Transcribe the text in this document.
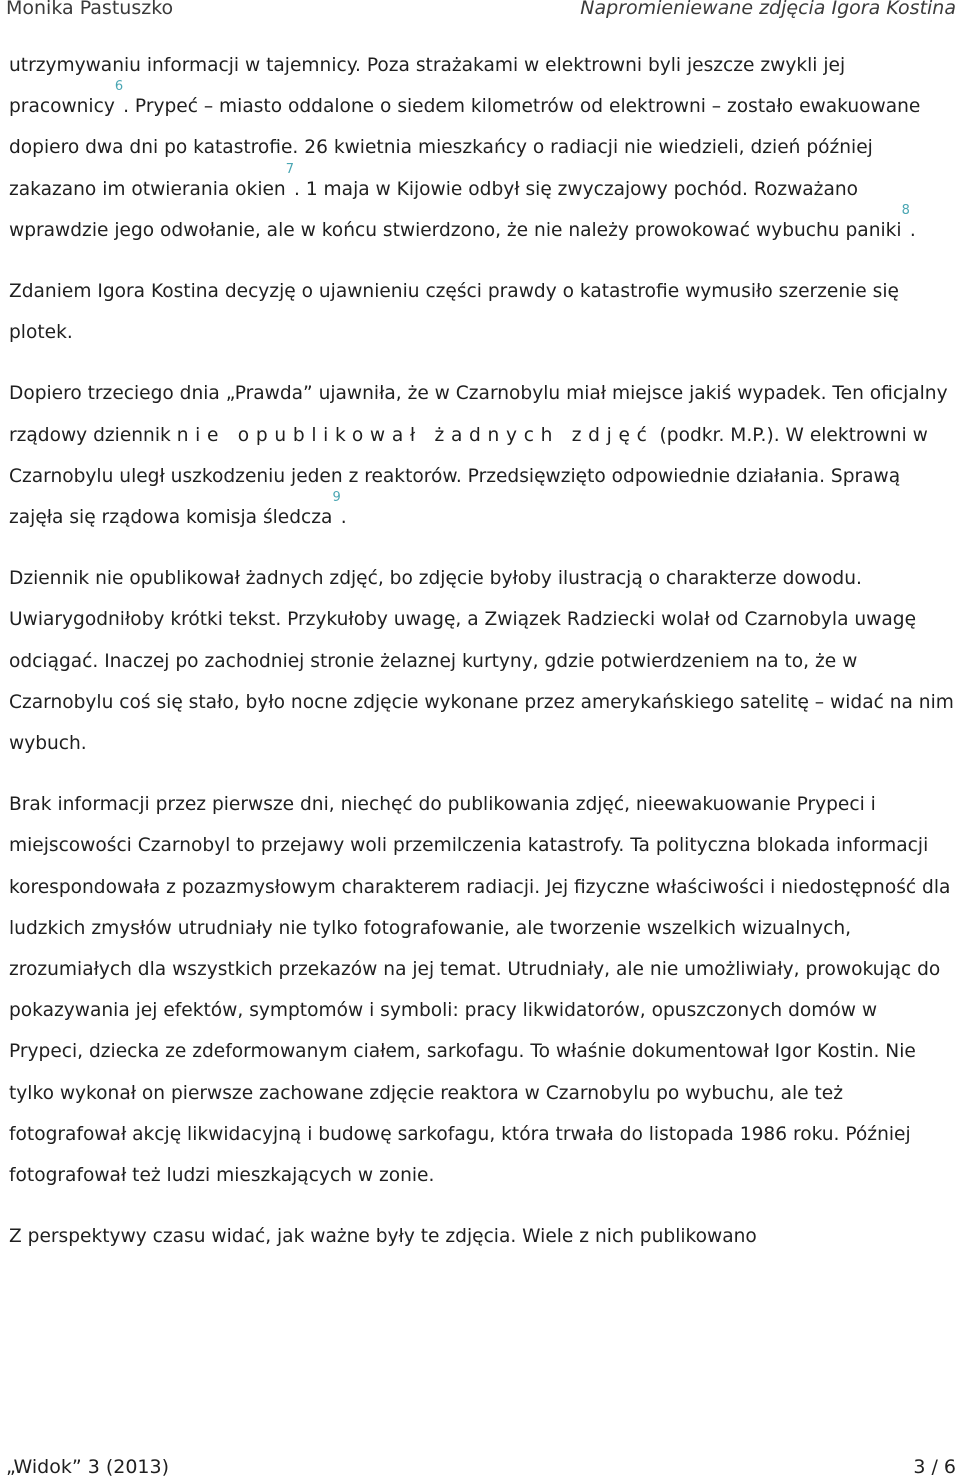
Monika Pastuszko	Napromieniewane zdjęcia Igora Kostina

utrzymywaniu informacji w tajemnicy. Poza strażakami w elektrowni byli jeszcze zwykli jej pracownicy$^6$. Prypeć – miasto oddalone o siedem kilometrów od elektrowni – zostało ewakuowane dopiero dwa dni po katastrofie. 26 kwietnia mieszkańcy o radiacji nie wiedzieli, dzień później zakazano im otwierania okien$^7$. 1 maja w Kijowie odbył się zwyczajowy pochód. Rozważano wprawdzie jego odwołanie, ale w końcu stwierdzono, że nie należy prowokować wybuchu paniki$^8$.

Zdaniem Igora Kostina decyzję o ujawnieniu części prawdy o katastrofie wymusiło szerzenie się plotek.

Dopiero trzeciego dnia „Prawda” ujawniła, że w Czarnobylu miał miejsce jakiś wypadek. Ten oficjalny rządowy dziennik nie opublikował żadnych zdjęć (podkr. M.P.). W elektrowni w Czarnobylu uległ uszkodzeniu jeden z reaktorów. Przedsięwzięto odpowiednie działania. Sprawą zajęła się rządowa komisja śledcza$^9$.

Dziennik nie opublikował żadnych zdjęć, bo zdjęcie byłoby ilustracją o charakterze dowodu. Uwiarygodniłoby krótki tekst. Przykułoby uwagę, a Związek Radziecki wolał od Czarnobyla uwagę odciągać. Inaczej po zachodniej stronie żelaznej kurtyny, gdzie potwierdzeniem na to, że w Czarnobylu coś się stało, było nocne zdjęcie wykonane przez amerykańskiego satelitę – widać na nim wybuch.

Brak informacji przez pierwsze dni, niechęć do publikowania zdjęć, nieewakuowanie Prypeci i miejscowości Czarnobyl to przejawy woli przemilczenia katastrofy. Ta polityczna blokada informacji korespondowała z pozazmysłowym charakterem radiacji. Jej fizyczne właściwości i niedostępność dla ludzkich zmysłów utrudniały nie tylko fotografowanie, ale tworzenie wszelkich wizualnych, zrozumiałych dla wszystkich przekazów na jej temat. Utrudniały, ale nie umożliwiały, prowokując do pokazywania jej efektów, symptomów i symboli: pracy likwidatorów, opuszczonych domów w Prypeci, dziecka ze zdeformowanym ciałem, sarkofagu. To właśnie dokumentował Igor Kostin. Nie tylko wykonał on pierwsze zachowane zdjęcie reaktora w Czarnobylu po wybuchu, ale też fotografował akcję likwidacyjną i budowę sarkofagu, która trwała do listopada 1986 roku. Później fotografował też ludzi mieszkających w zonie.

Z perspektywy czasu widać, jak ważne były te zdjęcia. Wiele z nich publikowano

„Widok” 3 (2013)	3 / 6
